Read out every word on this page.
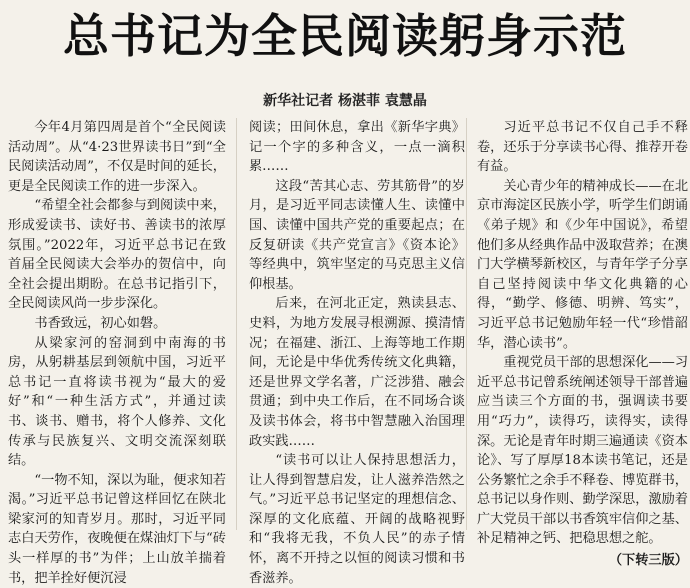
总书记为全民阅读躬身示范
新华社记者 杨湛菲 袁慧晶

今年4月第四周是首个“全民阅读活动周”。从“4·23世界读书日”到“全民阅读活动周”，不仅是时间的延长，更是全民阅读工作的进一步深入。

“希望全社会都参与到阅读中来，形成爱读书、读好书、善读书的浓厚氛围。”2022年，习近平总书记在致首届全民阅读大会举办的贺信中，向全社会提出期盼。在总书记指引下，全民阅读风尚一步步深化。

书香致远，初心如磐。

从梁家河的窑洞到中南海的书房，从躬耕基层到领航中国，习近平总书记一直将读书视为“最大的爱好”和“一种生活方式”，并通过读书、谈书、赠书，将个人修养、文化传承与民族复兴、文明交流深刻联结。

“一物不知，深以为耻，便求知若渴。”习近平总书记曾这样回忆在陕北梁家河的知青岁月。那时，习近平同志白天劳作，夜晚便在煤油灯下与“砖头一样厚的书”为伴；上山放羊揣着书，把羊拴好便沉浸

阅读；田间休息，拿出《新华字典》记一个字的多种含义，一点一滴积累……

这段“苦其心志、劳其筋骨”的岁月，是习近平同志读懂人生、读懂中国、读懂中国共产党的重要起点；在反复研读《共产党宣言》《资本论》等经典中，筑牢坚定的马克思主义信仰根基。

后来，在河北正定，熟读县志、史料，为地方发展寻根溯源、摸清情况；在福建、浙江、上海等地工作期间，无论是中华优秀传统文化典籍，还是世界文学名著，广泛涉猎、融会贯通；到中央工作后，在不同场合谈及读书体会，将书中智慧融入治国理政实践……

“读书可以让人保持思想活力，让人得到智慧启发，让人滋养浩然之气。”习近平总书记坚定的理想信念、深厚的文化底蕴、开阔的战略视野和“我将无我，不负人民”的赤子情怀，离不开持之以恒的阅读习惯和书香滋养。

习近平总书记不仅自己手不释卷，还乐于分享读书心得、推荐开卷有益。

关心青少年的精神成长——在北京市海淀区民族小学，听学生们朗诵《弟子规》和《少年中国说》，希望他们多从经典作品中汲取营养；在澳门大学横琴新校区，与青年学子分享自己坚持阅读中华文化典籍的心得，“勤学、修德、明辨、笃实”，习近平总书记勉励年轻一代“珍惜韶华，潜心读书”。

重视党员干部的思想深化——习近平总书记曾系统阐述领导干部普遍应当读三个方面的书，强调读书要用“巧力”，读得巧，读得实，读得深。无论是青年时期三遍通读《资本论》、写了厚厚18本读书笔记，还是公务繁忙之余手不释卷、博览群书，总书记以身作则、勤学深思，激励着广大党员干部以书香筑牢信仰之基、补足精神之钙、把稳思想之舵。

（下转三版）
